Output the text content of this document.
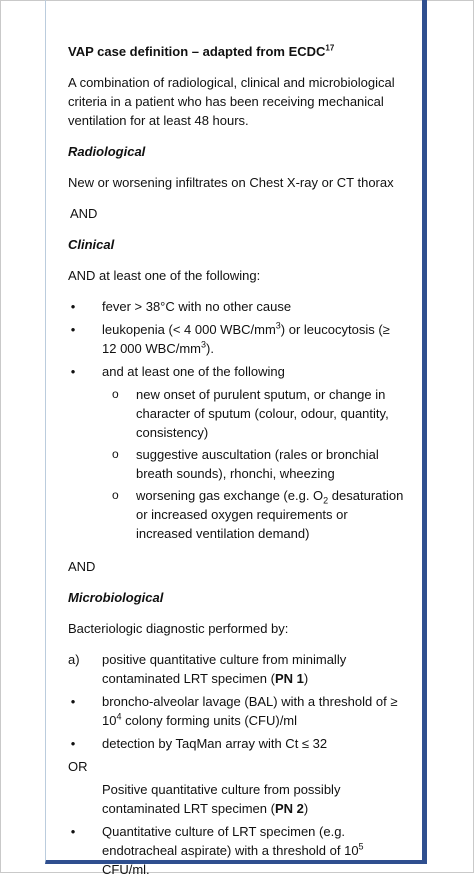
VAP case definition – adapted from ECDC$^{17}$
A combination of radiological, clinical and microbiological criteria in a patient who has been receiving mechanical ventilation for at least 48 hours.
Radiological
New or worsening infiltrates on Chest X-ray or CT thorax
AND
Clinical
AND at least one of the following:
• fever > 38°C with no other cause
• leukopenia (< 4 000 WBC/$mm^3$) or leucocytosis (≥ 12 000 WBC/$mm^3$).
• and at least one of the following
o new onset of purulent sputum, or change in character of sputum (colour, odour, quantity, consistency)
o suggestive auscultation (rales or bronchial breath sounds), rhonchi, wheezing
o worsening gas exchange (e.g. $O_2$ desaturation or increased oxygen requirements or increased ventilation demand)
AND
Microbiological
Bacteriologic diagnostic performed by:
a) positive quantitative culture from minimally contaminated LRT specimen (PN 1)
• broncho-alveolar lavage (BAL) with a threshold of ≥ $10^4$ colony forming units (CFU)/ml
• detection by TaqMan array with Ct ≤ 32
OR
Positive quantitative culture from possibly contaminated LRT specimen (PN 2)
• Quantitative culture of LRT specimen (e.g. endotracheal aspirate) with a threshold of $10^5$ CFU/ml.
